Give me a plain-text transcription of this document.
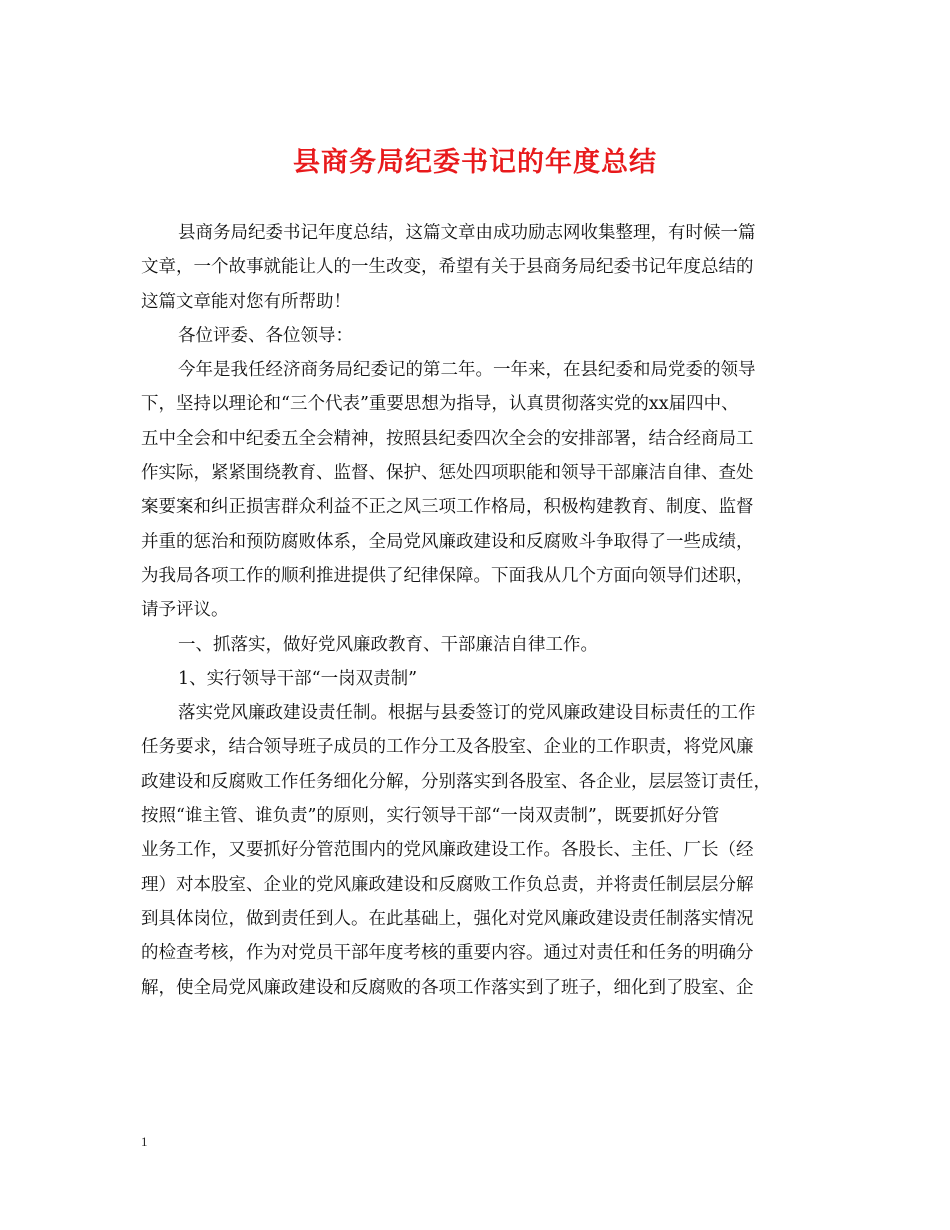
县商务局纪委书记的年度总结
县商务局纪委书记年度总结，这篇文章由成功励志网收集整理，有时候一篇
文章，一个故事就能让人的一生改变，希望有关于县商务局纪委书记年度总结的
这篇文章能对您有所帮助！
各位评委、各位领导：
今年是我任经济商务局纪委记的第二年。一年来，在县纪委和局党委的领导
下，坚持以理论和“三个代表”重要思想为指导，认真贯彻落实党的xx届四中、
五中全会和中纪委五全会精神，按照县纪委四次全会的安排部署，结合经商局工
作实际，紧紧围绕教育、监督、保护、惩处四项职能和领导干部廉洁自律、查处
案要案和纠正损害群众利益不正之风三项工作格局，积极构建教育、制度、监督
并重的惩治和预防腐败体系，全局党风廉政建设和反腐败斗争取得了一些成绩，
为我局各项工作的顺利推进提供了纪律保障。下面我从几个方面向领导们述职，
请予评议。
一、抓落实，做好党风廉政教育、干部廉洁自律工作。
1、实行领导干部“一岗双责制”
落实党风廉政建设责任制。根据与县委签订的党风廉政建设目标责任的工作
任务要求，结合领导班子成员的工作分工及各股室、企业的工作职责，将党风廉
政建设和反腐败工作任务细化分解，分别落实到各股室、各企业，层层签订责任，
按照“谁主管、谁负责”的原则，实行领导干部“一岗双责制”，既要抓好分管
业务工作，又要抓好分管范围内的党风廉政建设工作。各股长、主任、厂长（经
理）对本股室、企业的党风廉政建设和反腐败工作负总责，并将责任制层层分解
到具体岗位，做到责任到人。在此基础上，强化对党风廉政建设责任制落实情况
的检查考核，作为对党员干部年度考核的重要内容。通过对责任和任务的明确分
解，使全局党风廉政建设和反腐败的各项工作落实到了班子，细化到了股室、企
1
